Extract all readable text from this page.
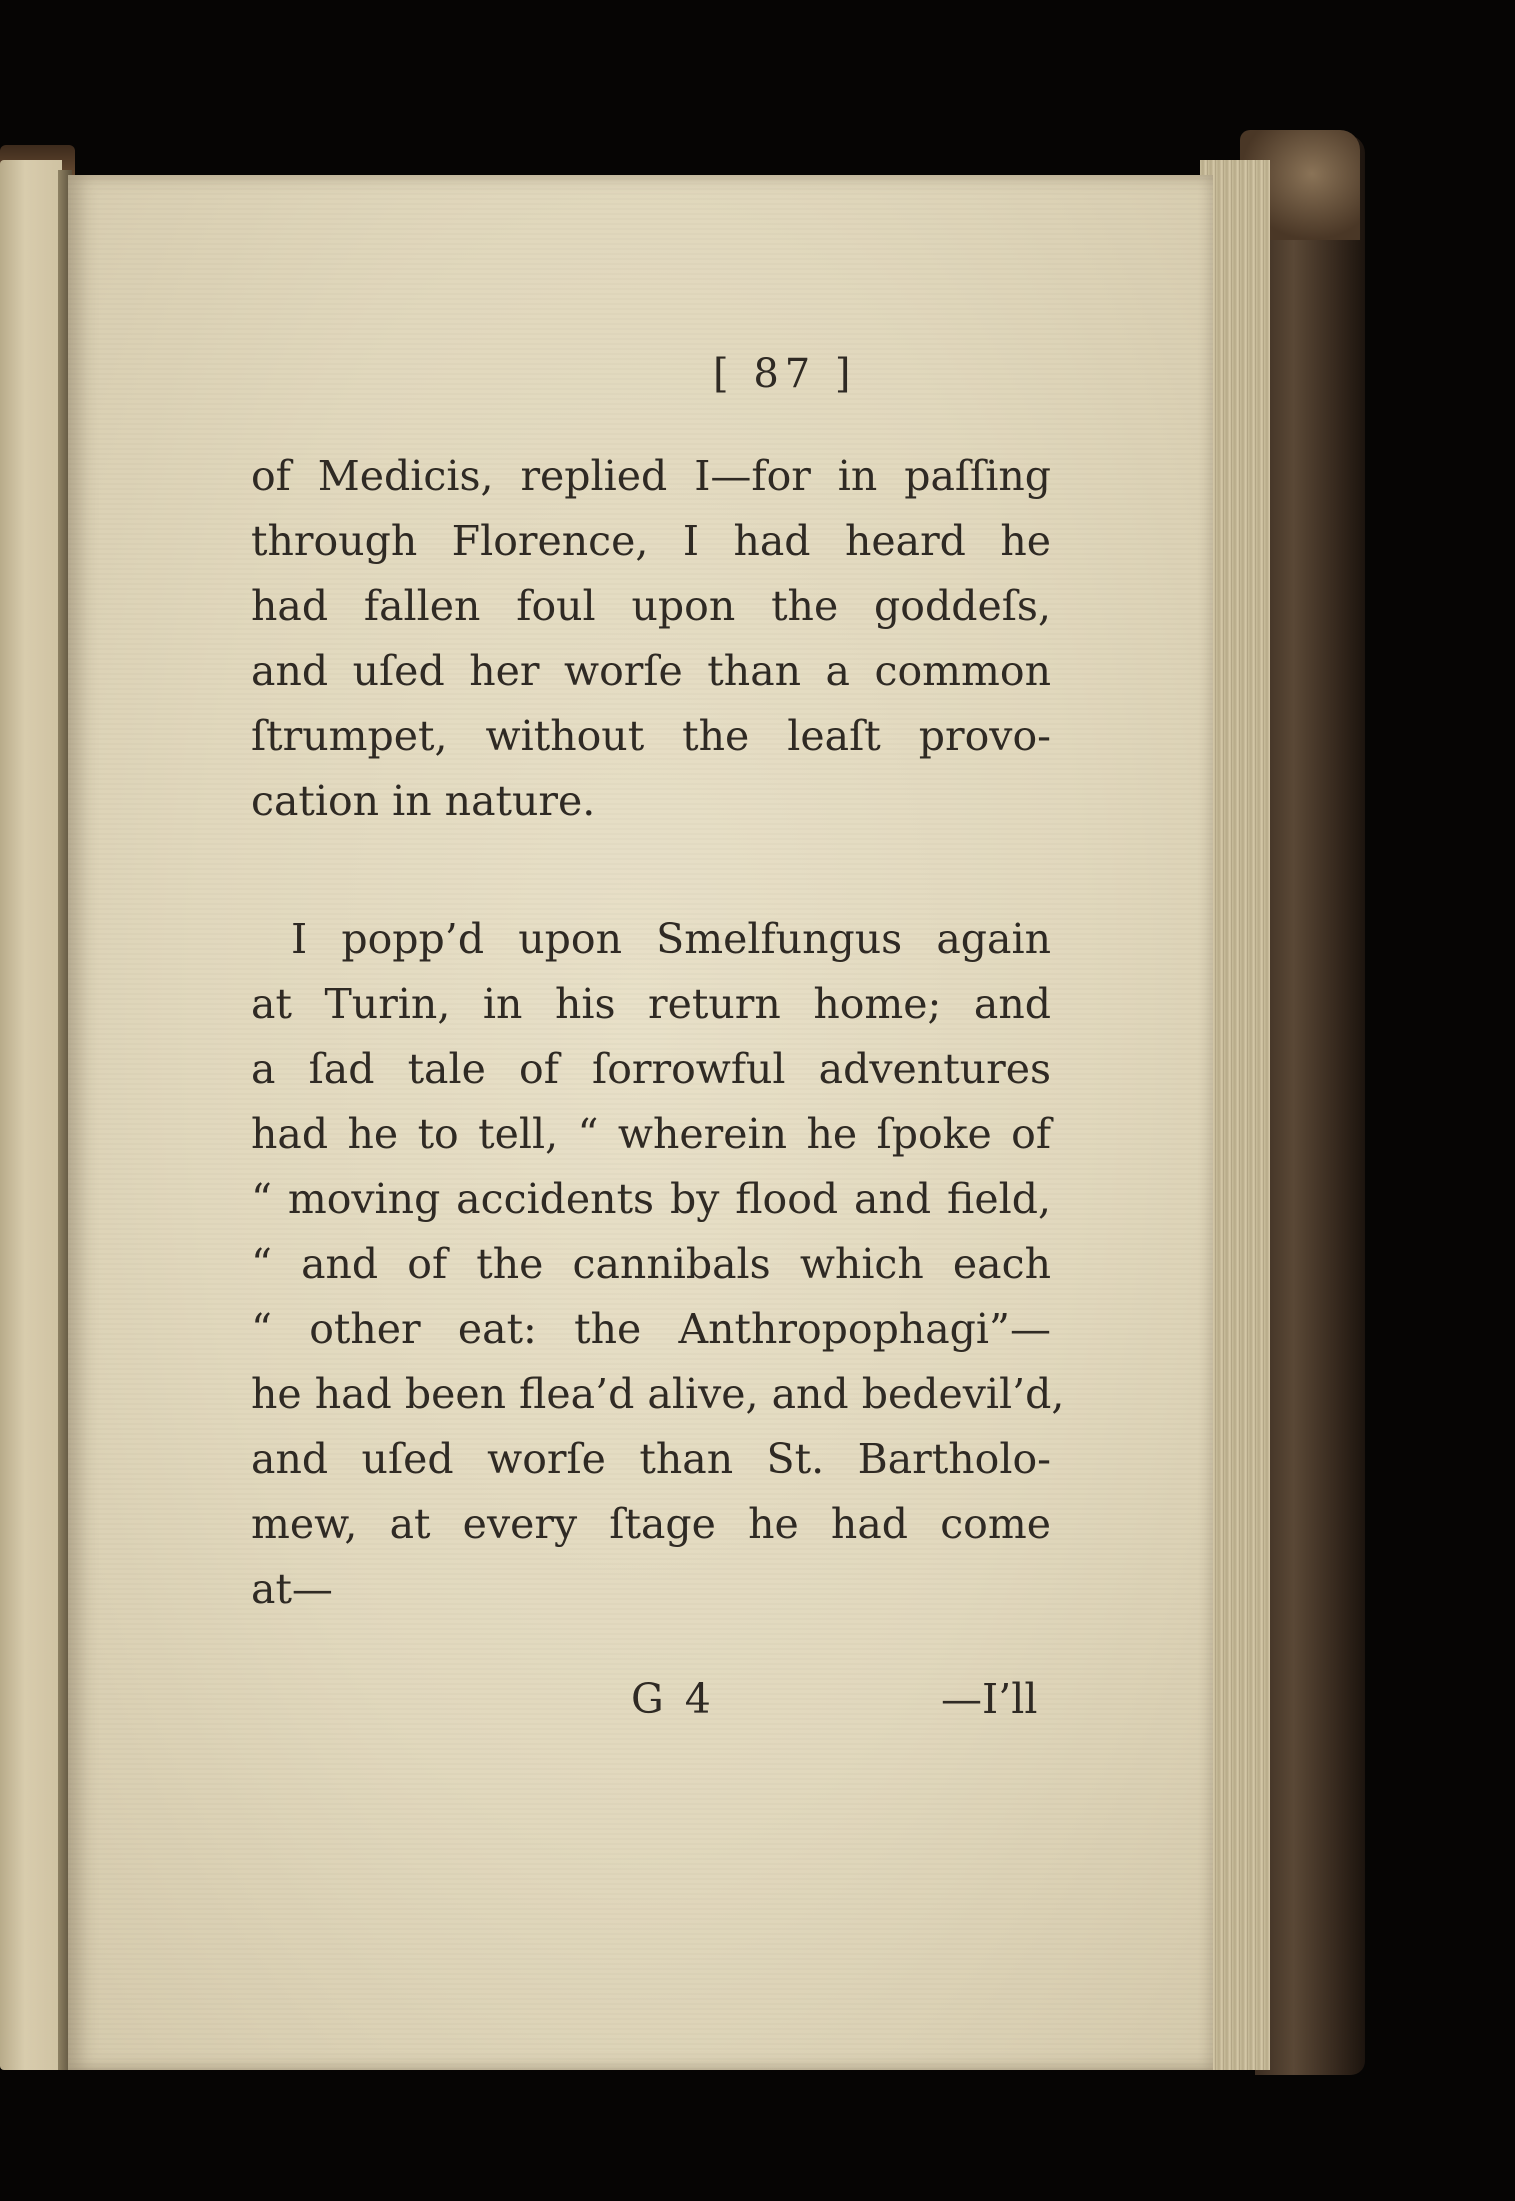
[ 87 ]
of Medicis, replied I—for in paſſing
through Florence, I had heard he
had fallen foul upon the goddeſs,
and uſed her worſe than a common
ſtrumpet, without the leaſt provo-
cation in nature.
I popp’d upon Smelfungus again
at Turin, in his return home; and
a ſad tale of ſorrowful adventures
had he to tell, “ wherein he ſpoke of
“ moving accidents by flood and field,
“ and of the cannibals which each
“ other eat: the Anthropophagi”—
he had been flea’d alive, and bedevil’d,
and uſed worſe than St. Bartholo-
mew, at every ſtage he had come
at—
G 4	—I’ll
